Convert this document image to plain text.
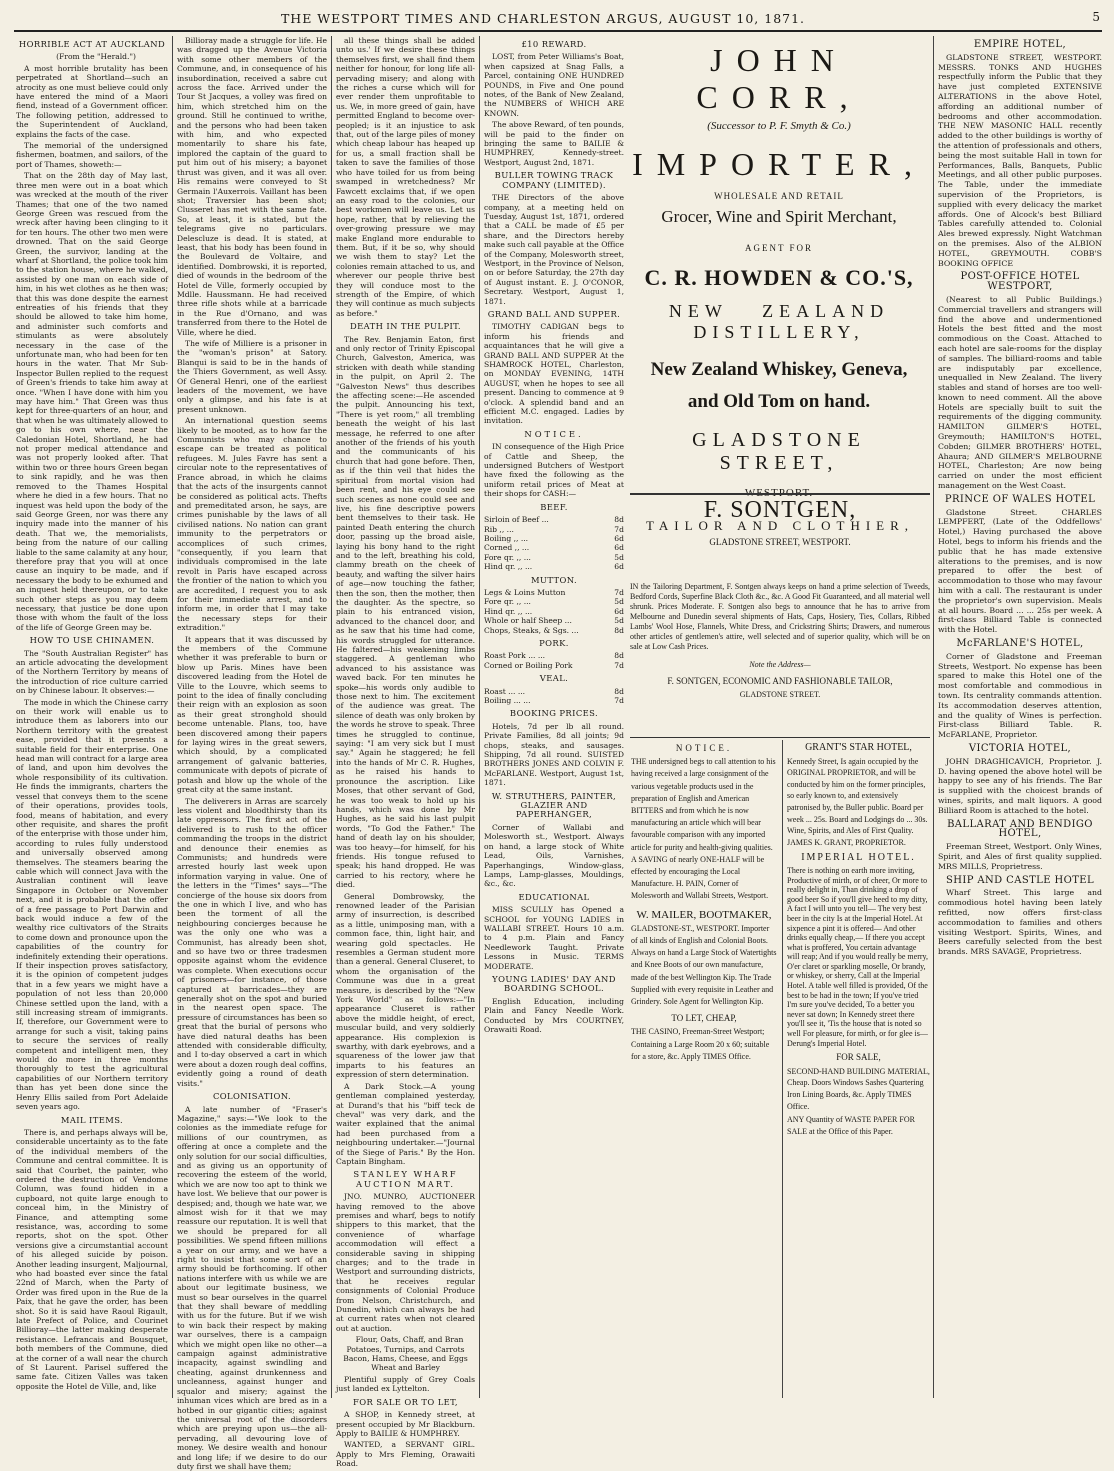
THE WESTPORT TIMES AND CHARLESTON ARGUS, AUGUST 10, 1871.	5
HORRIBLE ACT AT AUCKLAND

(From the "Herald.")

A most horrible brutality has been perpetrated at Shortland—such an atrocity as one must believe could only have entered the mind of a Maori fiend, instead of a Government officer. The following petition, addressed to the Superintendent of Auckland, explains the facts of the case.

The memorial of the undersigned fishermen, boatmen, and sailors, of the port of Thames, showeth:—

That on the 28th day of May last, three men were out in a boat which was wrecked at the mouth of the river Thames; that one of the two named George Green was rescued from the wreck after having been clinging to it for ten hours. The other two men were drowned. That on the said George Green, the survivor, landing at the wharf at Shortland, the police took him to the station house, where he walked, assisted by one man on each side of him, in his wet clothes as he then was; that this was done despite the earnest entreaties of his friends that they should be allowed to take him home, and administer such comforts and stimulants as were absolutely necessary in the case of the unfortunate man, who had been for ten hours in the water. That Mr Sub-Inspector Bullen replied to the request of Green's friends to take him away at once. "When I have done with him you may have him." That Green was thus kept for three-quarters of an hour, and that when he was ultimately allowed to go to his own where, near the Caledonian Hotel, Shortland, he had not proper medical attendance and was not properly looked after. That within two or three hours Green began to sink rapidly, and he was then removed to the Thames Hospital where he died in a few hours. That no inquest was held upon the body of the said George Green, nor was there any inquiry made into the manner of his death. That we, the memorialists, being from the nature of our calling liable to the same calamity at any hour, therefore pray that you will at once cause an inquiry to be made, and if necessary the body to be exhumed and an inquest held thereupon, or to take such other steps as you may deem necessary, that justice be done upon those with whom the fault of the loss of the life of George Green may be.

HOW TO USE CHINAMEN.

The "South Australian Register" has an article advocating the development of the Northern Territory by means of the introduction of rice culture carried on by Chinese labour. It observes:—

The mode in which the Chinese carry on their work will enable us to introduce them as laborers into our Northern territory with the greatest ease, provided that it presents a suitable field for their enterprise. One head man will contract for a large area of land, and upon him devolves the whole responsibility of its cultivation. He finds the immigrants, charters the vessel that conveys them to the scene of their operations, provides tools, food, means of habitation, and every other requisite, and shares the profit of the enterprise with those under him, according to rules fully understood and universally observed among themselves. The steamers bearing the cable which will connect Java with the Australian continent will leave Singapore in October or November next, and it is probable that the offer of a free passage to Port Darwin and back would induce a few of the wealthy rice cultivators of the Straits to come down and pronounce upon the capabilities of the country for indefinitely extending their operations. If their inspection proves satisfactory, it is the opinion of competent judges that in a few years we might have a population of not less than 20,000 Chinese settled upon the land, with a still increasing stream of immigrants. If, therefore, our Government were to arrange for such a visit, taking pains to secure the services of really competent and intelligent men, they would do more in three months thoroughly to test the agricultural capabilities of our Northern territory than has yet been done since the Henry Ellis sailed from Port Adelaide seven years ago.

MAIL ITEMS.

There is, and perhaps always will be, considerable uncertainty as to the fate of the individual members of the Commune and central committee. It is said that Courbet, the painter, who ordered the destruction of Vendome Column, was found hidden in a cupboard, not quite large enough to conceal him, in the Ministry of Finance, and attempting some resistance, was, according to some reports, shot on the spot. Other versions give a circumstantial account of his alleged suicide by poison. Another leading insurgent, Maljournal, who had boasted ever since the fatal 22nd of March, when the Party of Order was fired upon in the Rue de la Paix, that he gave the order, has been shot. So it is said have Raoul Rigault, late Prefect of Police, and Courinet Billioray—the latter making desperate resistance. Lefrancais and Bousquet, both members of the Commune, died at the corner of a wall near the church of St Laurent. Parisel suffered the same fate. Citizen Valles was taken opposite the Hotel de Ville, and, like

Billioray made a struggle for life. He was dragged up the Avenue Victoria with some other members of the Commune, and, in consequence of his insubordination, received a sabre cut across the face. Arrived under the Tour St Jacques, a volley was fired on him, which stretched him on the ground. Still he continued to writhe, and the persons who had been taken with him, and who expected momentarily to share his fate, implored the captain of the guard to put him out of his misery; a bayonet thrust was given, and it was all over. His remains were conveyed to St Germain l'Auxerrois. Vaillant has been shot; Traversier has been shot; Clusseret has met with the same fate. So, at least, it is stated, but the telegrams give no particulars. Delescluze is dead. It is stated, at least, that his body has been found in the Boulevard de Voltaire, and identified. Dombrowski, it is reported, died of wounds in the bedroom of the Hotel de Ville, formerly occupied by Mdlle. Haussmann. He had received three rifle shots while at a barricade in the Rue d'Ornano, and was transferred from there to the Hotel de Ville, where he died.

The wife of Milliere is a prisoner in the "woman's prison" at Satory. Blanqui is said to be in the hands of the Thiers Government, as well Assy. Of General Henri, one of the earliest leaders of the movement, we have only a glimpse, and his fate is at present unknown.

An international question seems likely to be mooted, as to how far the Communists who may chance to escape can be treated as political refugees. M. Jules Favre has sent a circular note to the representatives of France abroad, in which he claims that the acts of the insurgents cannot be considered as political acts. Thefts and premeditated arson, he says, are crimes punishable by the laws of all civilised nations. No nation can grant immunity to the perpetrators or accomplices of such crimes, "consequently, if you learn that individuals compromised in the late revolt in Paris have escaped across the frontier of the nation to which you are accredited, I request you to ask for their immediate arrest, and to inform me, in order that I may take the necessary steps for their extradition."

It appears that it was discussed by the members of the Commune whether it was preferable to burn or blow up Paris. Mines have been discovered leading from the Hotel de Ville to the Louvre, which seems to point to the idea of finally concluding their reign with an explosion as soon as their great stronghold should become untenable. Plans, too, have been discovered among their papers for laying wires in the great sewers, which should, by a complicated arrangement of galvanic batteries, communicate with depots of picrate of potash and blow up the whole of the great city at the same instant.

The deliverers in Arras are scarcely less violent and bloodthirsty than its late oppressors. The first act of the delivered is to rush to the officer commanding the troops in the district and denounce their enemies as Communists; and hundreds were arrested hourly last week upon information varying in value. One of the letters in the "Times" says—"The concierge of the house six doors from the one in which I live, and who has been the torment of all the neighbouring concierges because he was the only one who was a Communist, has already been shot, and so have two or three tradesmen opposite against whom the evidence was complete. When executions occur of prisoners—for instance, of those captured at barricades—they are generally shot on the spot and buried in the nearest open space. The pressure of circumstances has been so great that the burial of persons who have died natural deaths has been attended with considerable difficulty, and I to-day observed a cart in which were about a dozen rough deal coffins, evidently going a round of death visits."

COLONISATION.

A late number of "Fraser's Magazine," says:—"We look to the colonies as the immediate refuge for millions of our countrymen, as offering at once a complete and the only solution for our social difficulties, and as giving us an opportunity of recovering the esteem of the world, which we are now too apt to think we have lost. We believe that our power is despised; and, though we hate war, we almost wish for it that we may reassure our reputation. It is well that we should be prepared for all possibilities. We spend fifteen millions a year on our army, and we have a right to insist that some sort of an army should be forthcoming. If other nations interfere with us while we are about our legitimate business, we must so bear ourselves in the quarrel that they shall beware of meddling with us for the future. But if we wish to win back their respect by making war ourselves, there is a campaign which we might open like no other—a campaign against administrative incapacity, against swindling and cheating, against drunkenness and uncleanness, against hunger and squalor and misery; against the inhuman vices which are bred as in a hotbed in our gigantic cities; against the universal root of the disorders which are preying upon us—the all-pervading, all devouring love of money. We desire wealth and honour and long life; if we desire to do our duty first we shall have them;

all these things shall be added unto us.' If we desire these things themselves first, we shall find them neither for honour, for long life all-pervading misery; and along with the riches a curse which will for ever render them unprofitable to us. We, in more greed of gain, have permitted England to become over-peopled; is it an injustice to ask that, out of the large piles of money which cheap labour has heaped up for us, a small fraction shall be taken to save the families of those who have toiled for us from being swamped in wretchedness? Mr Fawcett exclaims that, if we open an easy road to the colonies, our best workmen will leave us. Let us hope, rather, that by relieving the over-growing pressure we may make England more endurable to them. But, if it be so, why should we wish them to stay? Let the colonies remain attached to us, and wherever our people thrive best they will conduce most to the strength of the Empire, of which they will continue as much subjects as before."

DEATH IN THE PULPIT.

The Rev. Benjamin Eaton, first and only rector of Trinity Episcopal Church, Galveston, America, was stricken with death while standing in the pulpit, on April 2. The "Galveston News" thus describes the affecting scene:—He ascended the pulpit. Announcing his text, "There is yet room," all trembling beneath the weight of his last message, he referred to one after another of the friends of his youth and the communicants of his church that had gone before. Then, as if the thin veil that hides the spiritual from mortal vision had been rent, and his eye could see such scenes as none could see and live, his fine descriptive powers bent themselves to their task. He painted Death entering the church door, passing up the broad aisle, laying his bony hand to the right and to the left, breathing his cold, clammy breath on the cheek of beauty, and wafting the silver hairs of age—now touching the father, then the son, then the mother, then the daughter. As the spectre, so plain to his entranced vision, advanced to the chancel door, and as he saw that his time had come, his words struggled for utterance. He faltered—his weakening limbs staggered. A gentleman who advanced to his assistance was waved back. For ten minutes he spoke—his words only audible to those next to him. The excitement of the audience was great. The silence of death was only broken by the words he strove to speak. Three times he struggled to continue, saying: "I am very sick but I must say." Again he staggered; he fell into the hands of Mr C. R. Hughes, as he raised his hands to pronounce the ascription. Like Moses, that other servant of God, he was too weak to hold up his hands, which was done by Mr Hughes, as he said his last pulpit words, "To God the Father." The hand of death lay on his shoulder, was too heavy—for himself, for his friends. His tongue refused to speak; his hand dropped. He was carried to his rectory, where he died.

General Dombrowsky, the renowned leader of the Parisian army of insurrection, is described as a little, unimposing man, with a common face, thin, light hair, and wearing gold spectacles. He resembles a German student more than a general. General Cluseret, to whom the organisation of the Commune was due in a great measure, is described by the "New York World" as follows:—"In appearance Cluseret is rather above the middle height, of erect, muscular build, and very soldierly appearance. His complexion is swarthy, with dark eyebrows, and a squareness of the lower jaw that imparts to his features an expression of stern determination.

A Dark Stock.—A young gentleman complained yesterday, at Durand's that his "biff teck de cheval" was very dark, and the waiter explained that the animal had been purchased from a neighbouring undertaker.—"Journal of the Siege of Paris." By the Hon. Captain Bingham.

STANLEY WHARF AUCTION MART.

JNO. MUNRO, AUCTIONEER having removed to the above premises and wharf, begs to notify shippers to this market, that the convenience of wharfage accommodation will effect a considerable saving in shipping charges; and to the trade in Westport and surrounding districts, that he receives regular consignments of Colonial Produce from Nelson, Christchurch, and Dunedin, which can always be had at current rates when not cleared out at auction.

Flour, Oats, Chaff, and Bran Potatoes, Turnips, and Carrots Bacon, Hams, Cheese, and Eggs Wheat and Barley

Plentiful supply of Grey Coals just landed ex Lyttelton.

FOR SALE OR TO LET,

A SHOP, in Kennedy street, at present occupied by Mr Blackburn. Apply to BAILIE & HUMPHREY.

WANTED, a SERVANT GIRL. Apply to Mrs Fleming, Orawaiti Road.

£10 REWARD.

LOST, from Peter Williams's Boat, when capsized at Snag Falls, a Parcel, containing ONE HUNDRED POUNDS, in Five and One pound notes, of the Bank of New Zealand, the NUMBERS of WHICH ARE KNOWN.

The above Reward, of ten pounds, will be paid to the finder on bringing the same to BAILIE & HUMPHREY, Kennedy-street. Westport, August 2nd, 1871.

BULLER TOWING TRACK COMPANY (LIMITED).

THE Directors of the above company, at a meeting held on Tuesday, August 1st, 1871, ordered that a CALL be made of £5 per share, and the Directors hereby make such call payable at the Office of the Company, Molesworth street, Westport, in the Province of Nelson, on or before Saturday, the 27th day of August instant. E. J. O'CONOR, Secretary. Westport, August 1, 1871.

GRAND BALL AND SUPPER.

TIMOTHY CADIGAN begs to inform his friends and acquaintances that he will give a GRAND BALL AND SUPPER At the SHAMROCK HOTEL, Charleston, on MONDAY EVENING, 14TH AUGUST, when he hopes to see all present. Dancing to commence at 9 o'clock. A splendid band and an efficient M.C. engaged. Ladies by invitation.

NOTICE.

IN consequence of the High Price of Cattle and Sheep, the undersigned Butchers of Westport have fixed the following as the uniform retail prices of Meat at their shops for CASH:—

BEEF.
Sirloin of Beef ...	8d
Rib ,, ...	7d
Boiling ,, ...	6d
Corned ,, ...	6d
Fore qr. ,, ...	5d
Hind qr. ,, ...	6d
MUTTON.
Legs & Loins Mutton	7d
Fore qr. ,, ...	5d
Hind qr. ,, ...	6d
Whole or half Sheep ...	5d
Chops, Steaks, & Sgs. ...	8d
PORK.
Roast Pork ... ...	8d
Corned or Boiling Pork	7d
VEAL.
Roast ... ...	8d
Boiling ... ...	7d
BOOKING PRICES.

Hotels, 7d per lb all round. Private Families, 8d all joints; 9d chops, steaks, and sausages. Shipping, 7d all round. SUISTED BROTHERS JONES AND COLVIN F. McFARLANE. Westport, August 1st, 1871.

W. STRUTHERS, PAINTER, GLAZIER AND PAPERHANGER,

Corner of Wallabi and Molesworth st., Westport. Always on hand, a large stock of White Lead, Oils, Varnishes, Paperhangings, Window-glass, Lamps, Lamp-glasses, Mouldings, &c., &c.

EDUCATIONAL

MISS SCULLY has Opened a SCHOOL for YOUNG LADIES in WALLABI STREET. Hours 10 a.m. to 4 p.m. Plain and Fancy Needlework Taught. Private Lessons in Music. TERMS MODERATE.

YOUNG LADIES' DAY AND BOARDING SCHOOL.

English Education, including Plain and Fancy Needle Work. Conducted by Mrs COURTNEY, Orawaiti Road.

JOHN CORR,
(Successor to P. F. Smyth & Co.)
IMPORTER,
WHOLESALE AND RETAIL
Grocer, Wine and Spirit Merchant,
AGENT FOR
C. R. HOWDEN & CO.'S,
NEW ZEALAND DISTILLERY,
New Zealand Whiskey, Geneva,
and Old Tom on hand.
GLADSTONE STREET,
WESTPORT.
F. SONTGEN,
TAILOR AND CLOTHIER,
GLADSTONE STREET, WESTPORT.

IN the Tailoring Department, F. Sontgen always keeps on hand a prime selection of Tweeds, Bedford Cords, Superfine Black Cloth &c., &c. A Good Fit Guaranteed, and all material well shrunk. Prices Moderate. F. Sontgen also begs to announce that he has to arrive from Melbourne and Dunedin several shipments of Hats, Caps, Hosiery, Ties, Collars, Ribbed Lambs' Wool Hose, Flannels, White Dress, and Crickstring Shirts; Drawers, and numerous other articles of gentlemen's attire, well selected and of superior quality, which will be on sale at Low Cash Prices.

Note the Address—
F. SONTGEN, ECONOMIC AND FASHIONABLE TAILOR,
GLADSTONE STREET.
NOTICE.

THE undersigned begs to call attention to his having received a large consignment of the various vegetable products used in the preparation of English and American BITTERS and from which he is now manufacturing an article which will bear favourable comparison with any imported article for purity and health-giving qualities. A SAVING of nearly ONE-HALF will be effected by encouraging the Local Manufacture. H. PAIN, Corner of Molesworth and Wallabi Streets, Westport.

W. MAILER, BOOTMAKER,

GLADSTONE-ST., WESTPORT. Importer of all kinds of English and Colonial Boots. Always on hand a Large Stock of Watertights and Knee Boots of our own manufacture, made of the best Wellington Kip. The Trade Supplied with every requisite in Leather and Grindery. Sole Agent for Wellington Kip.

TO LET, CHEAP,

THE CASINO, Freeman-Street Westport; Containing a Large Room 20 x 60; suitable for a store, &c. Apply TIMES Office.

GRANT'S STAR HOTEL,

Kennedy Street, Is again occupied by the ORIGINAL PROPRIETOR, and will be conducted by him on the former principles, so early known to, and extensively patronised by, the Buller public. Board per week ... 25s. Board and Lodgings do ... 30s. Wine, Spirits, and Ales of First Quality. JAMES K. GRANT, PROPRIETOR.

IMPERIAL HOTEL.

There is nothing on earth more inviting, Productive of mirth, or of cheer, Or more to really delight in, Than drinking a drop of good beer So if you'll give heed to my ditty, A fact I will unto you tell— The very best beer in the city Is at the Imperial Hotel. At sixpence a pint it is offered— And other drinks equally cheap,— If there you accept what is proffered, You certain advantage will reap; And if you would really be merry, O'er claret or sparkling moselle, Or brandy, or whiskey, or sherry, Call at the Imperial Hotel. A table well filled is provided, Of the best to be had in the town; If you've tried I'm sure you've decided, To a better you never sat down; In Kennedy street there you'll see it, 'Tis the house that is noted so well For pleasure, for mirth, or for glee is— Derung's Imperial Hotel.

FOR SALE,

SECOND-HAND BUILDING MATERIAL, Cheap. Doors Windows Sashes Quartering Iron Lining Boards, &c. Apply TIMES Office.

ANY Quantity of WASTE PAPER FOR SALE at the Office of this Paper.

EMPIRE HOTEL,

GLADSTONE STREET, WESTPORT. MESSRS. TONKS AND HUGHES respectfully inform the Public that they have just completed EXTENSIVE ALTERATIONS in the above Hotel, affording an additional number of bedrooms and other accommodation. THE NEW MASONIC HALL recently added to the other buildings is worthy of the attention of professionals and others, being the most suitable Hall in town for Performances, Balls, Banquets, Public Meetings, and all other public purposes. The Table, under the immediate supervision of the Proprietors, is supplied with every delicacy the market affords. One of Alcock's best Billiard Tables carefully attended to. Colonial Ales brewed expressly. Night Watchman on the premises. Also of the ALBION HOTEL, GREYMOUTH. COBB'S BOOKING OFFICE

POST-OFFICE HOTEL WESTPORT,

(Nearest to all Public Buildings.) Commercial travellers and strangers will find the above and undermentioned Hotels the best fitted and the most commodious on the Coast. Attached to each hotel are sale-rooms for the display of samples. The billiard-rooms and table are indisputably par excellence, unequalled in New Zealand. The livery stables and stand of horses are too well-known to need comment. All the above Hotels are specially built to suit the requirements of the digging community. HAMILTON GILMER'S HOTEL, Greymouth; HAMILTON'S HOTEL, Cobden; GILMER BROTHERS' HOTEL, Ahaura; AND GILMER'S MELBOURNE HOTEL, Charleston; Are now being carried on under the most efficient management on the West Coast.

PRINCE OF WALES HOTEL

Gladstone Street. CHARLES LEMPFERT, (Late of the Oddfellows' Hotel,) Having purchased the above Hotel, begs to inform his friends and the public that he has made extensive alterations to the premises, and is now prepared to offer the best of accommodation to those who may favour him with a call. The restaurant is under the proprietor's own supervision. Meals at all hours. Board ... ... 25s per week. A first-class Billiard Table is connected with the Hotel.

McFARLANE'S HOTEL,

Corner of Gladstone and Freeman Streets, Westport. No expense has been spared to make this Hotel one of the most comfortable and commodious in town. Its centrality commands attention. Its accommodation deserves attention, and the quality of Wines is perfection. First-class Billiard Table. R. McFARLANE, Proprietor.

VICTORIA HOTEL,

JOHN DRAGHICAVICH, Proprietor. J. D. having opened the above hotel will be happy to see any of his friends. The Bar is supplied with the choicest brands of wines, spirits, and malt liquors. A good Billiard Room is attached to the hotel.

BALLARAT AND BENDIGO HOTEL,

Freeman Street, Westport. Only Wines, Spirit, and Ales of first quality supplied. MRS MILLS, Proprietress.

SHIP AND CASTLE HOTEL

Wharf Street. This large and commodious hotel having been lately refitted, now offers first-class accommodation to families and others visiting Westport. Spirits, Wines, and Beers carefully selected from the best brands. MRS SAVAGE, Proprietress.
